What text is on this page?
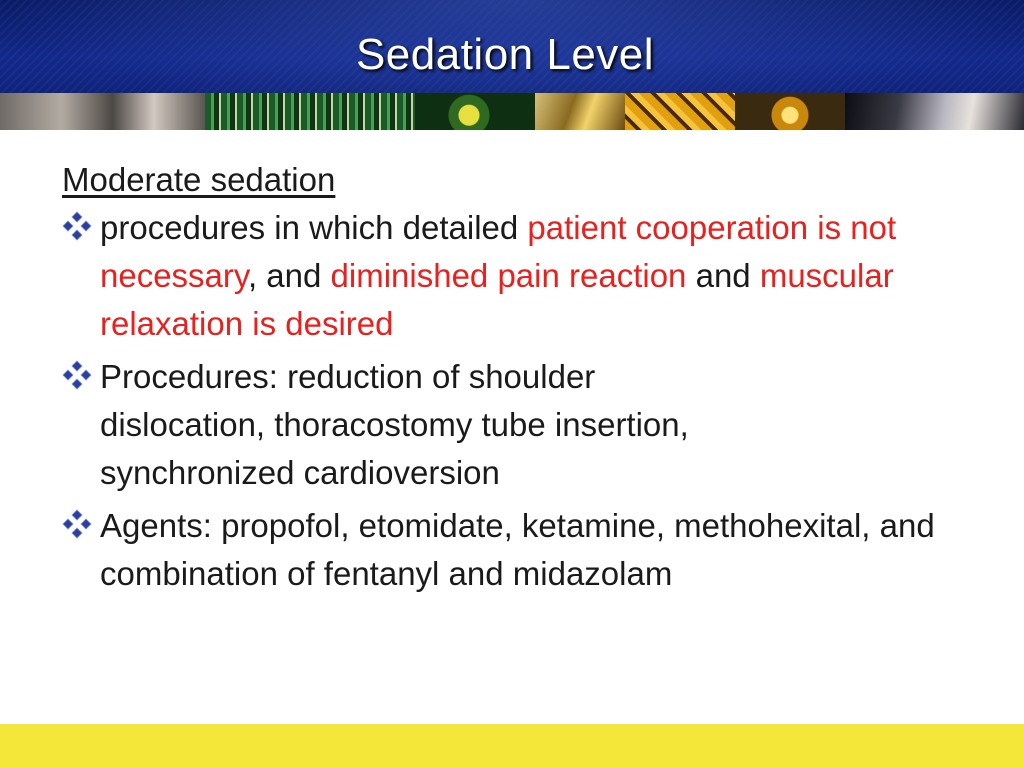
Sedation Level
Moderate sedation
procedures in which detailed patient cooperation is not necessary, and diminished pain reaction and muscular relaxation is desired
Procedures: reduction of shoulder dislocation, thoracostomy tube insertion, synchronized cardioversion
Agents: propofol, etomidate, ketamine, methohexital, and combination of fentanyl and midazolam
